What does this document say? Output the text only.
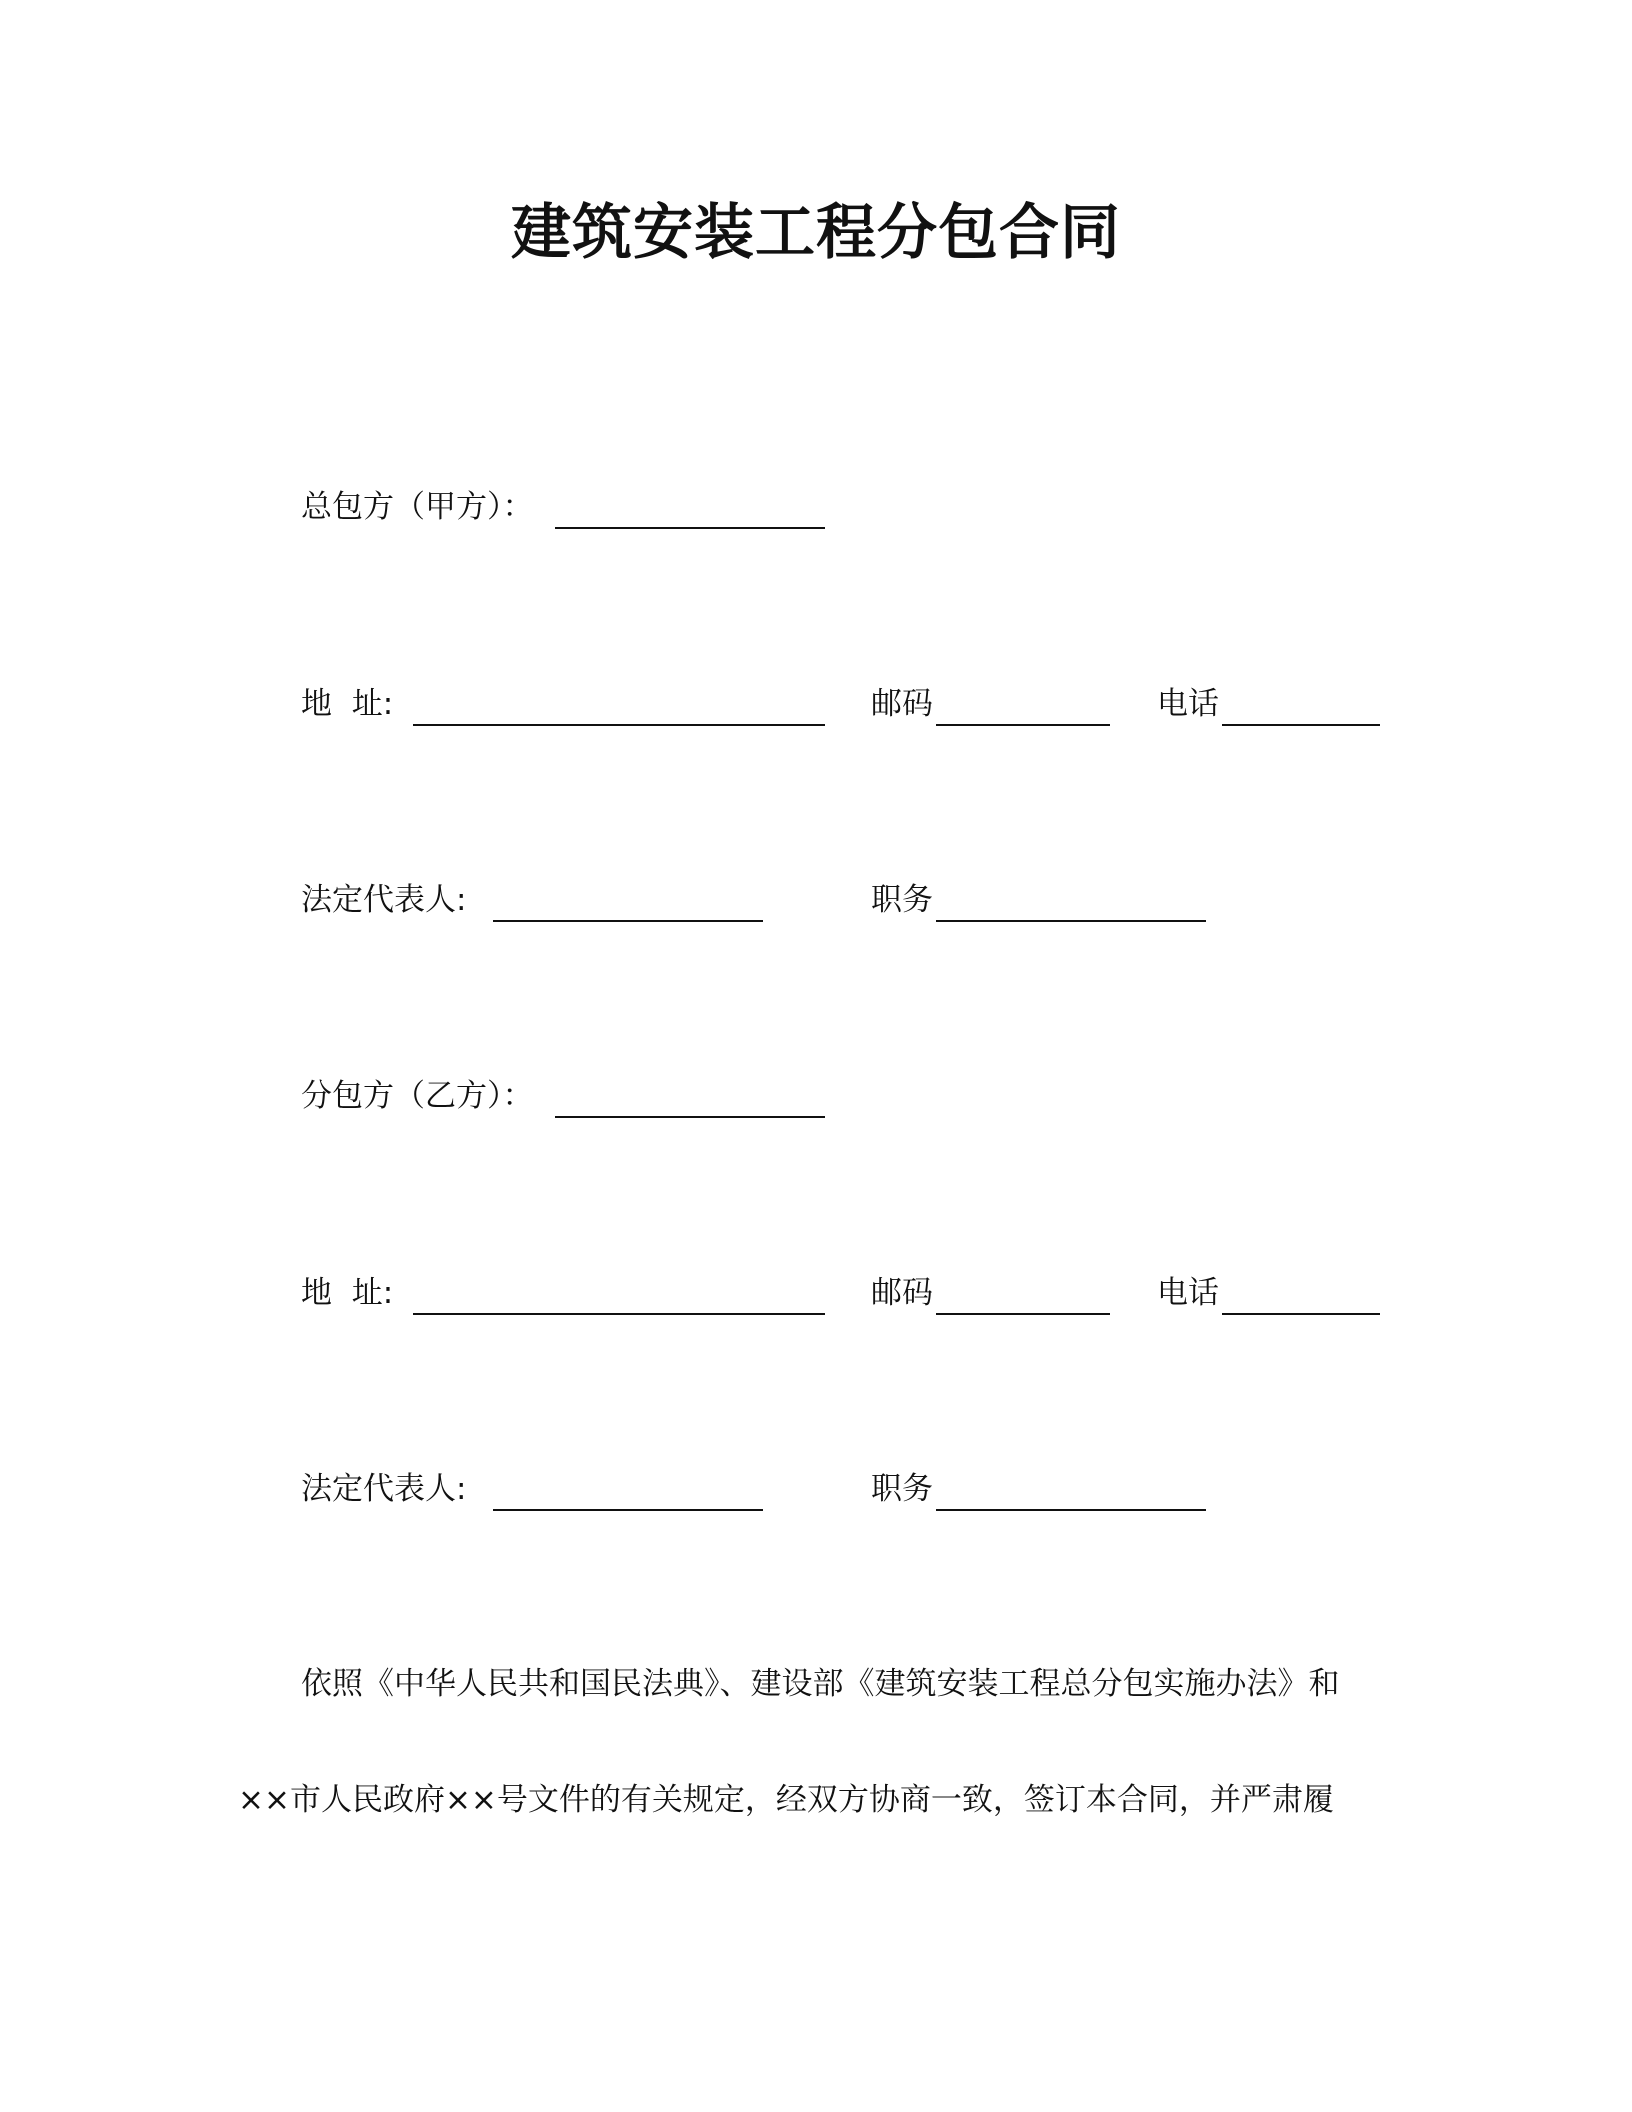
建筑安装工程分包合同
总包方（甲方）：
地  址:	邮码	电话
法定代表人:	职务
分包方（乙方）：
地  址:	邮码	电话
法定代表人:	职务
依照《中华人民共和国民法典》、建设部《建筑安装工程总分包实施办法》和
××市人民政府××号文件的有关规定，经双方协商一致，签订本合同，并严肃履
